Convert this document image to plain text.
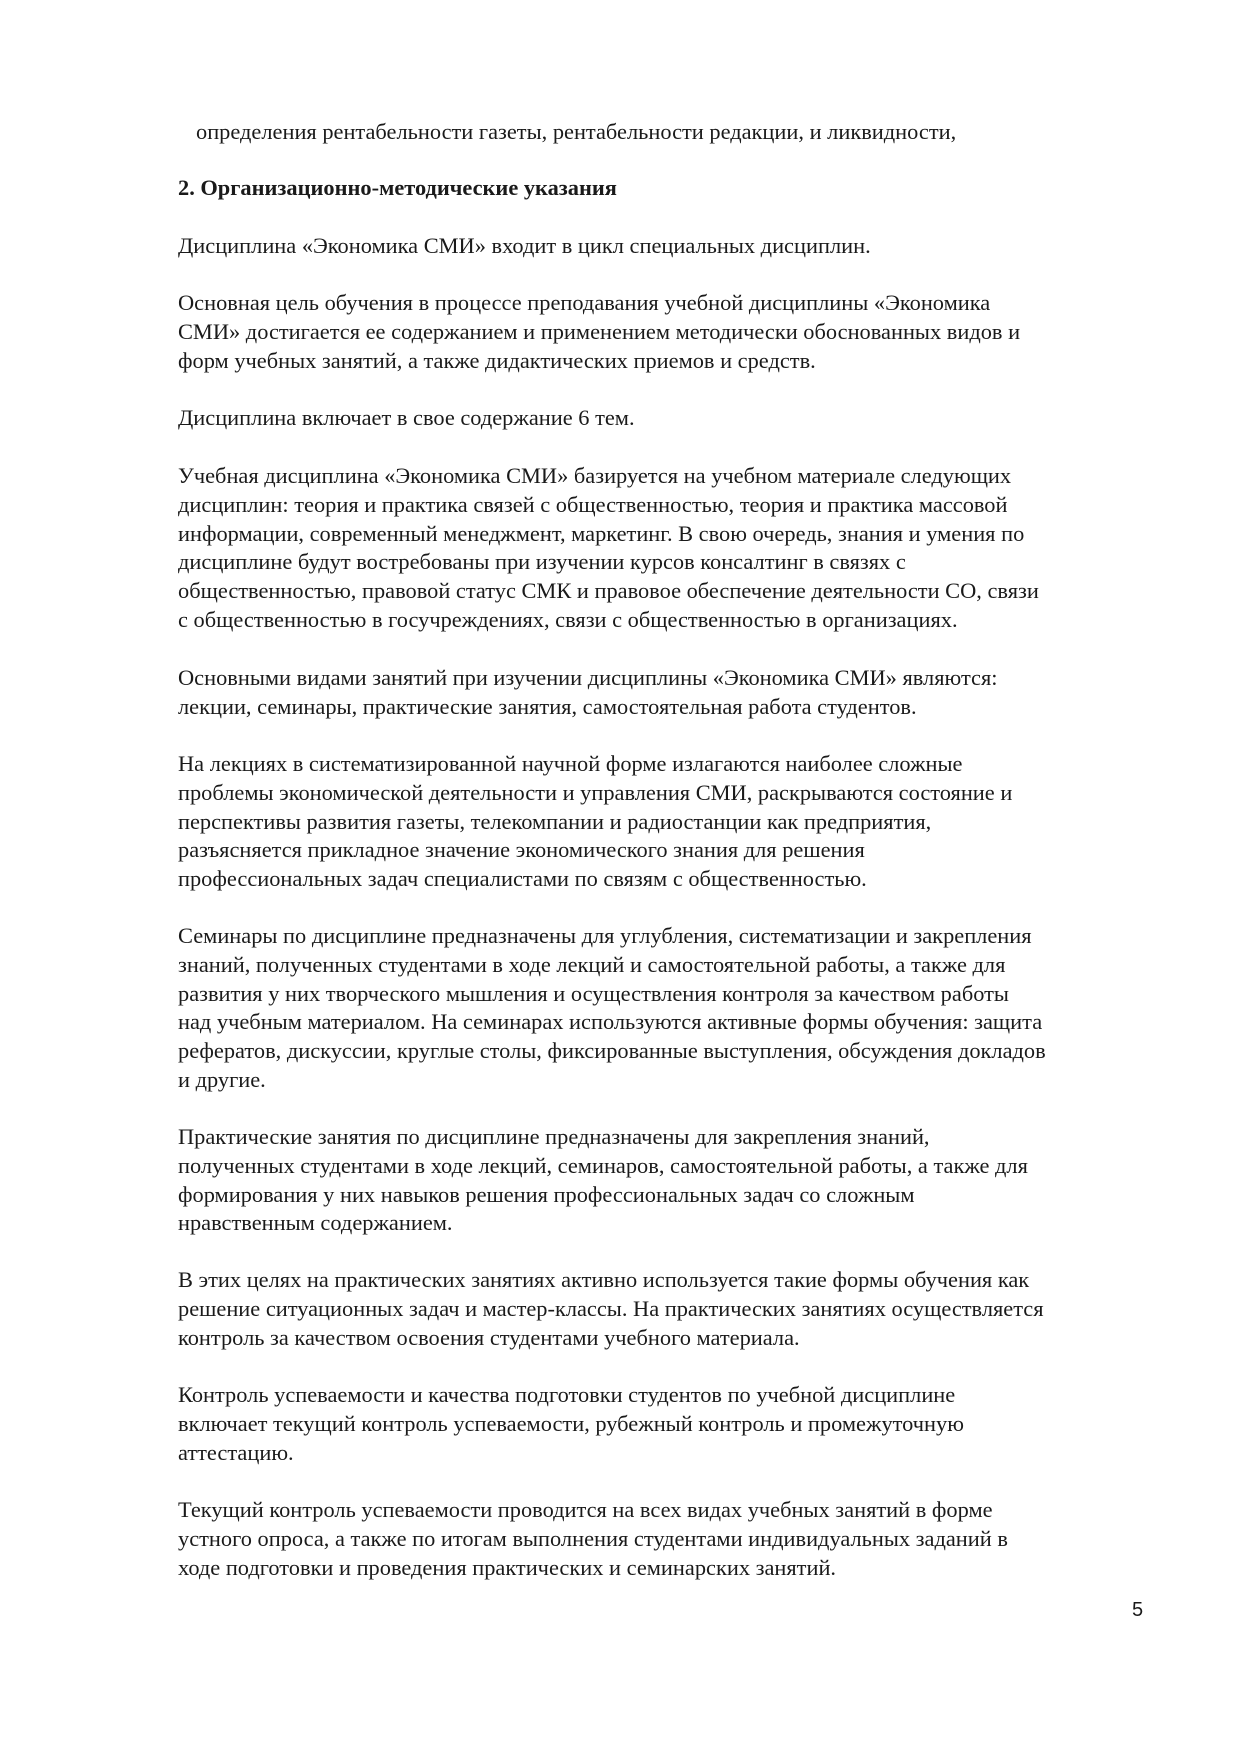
определения рентабельности газеты, рентабельности редакции, и ликвидности,

2. Организационно-методические указания

Дисциплина «Экономика СМИ» входит в цикл специальных дисциплин.

Основная цель обучения в процессе преподавания учебной дисциплины «Экономика
СМИ» достигается ее содержанием и применением методически обоснованных видов и
форм учебных занятий, а также дидактических приемов и средств.

Дисциплина включает в свое содержание 6 тем.

Учебная дисциплина «Экономика СМИ» базируется на учебном материале следующих
дисциплин: теория и практика связей с общественностью, теория и практика массовой
информации, современный менеджмент, маркетинг. В свою очередь, знания и умения по
дисциплине будут востребованы при изучении курсов консалтинг в связях с
общественностью, правовой статус СМК и правовое обеспечение деятельности СО, связи
с общественностью в госучреждениях, связи с общественностью в организациях.

Основными видами занятий при изучении дисциплины «Экономика СМИ» являются:
лекции, семинары, практические занятия, самостоятельная работа студентов.

На лекциях в систематизированной научной форме излагаются наиболее сложные
проблемы экономической деятельности и управления СМИ, раскрываются состояние и
перспективы развития газеты, телекомпании и радиостанции как предприятия,
разъясняется прикладное значение экономического знания для решения
профессиональных задач специалистами по связям с общественностью.

Семинары по дисциплине предназначены для углубления, систематизации и закрепления
знаний, полученных студентами в ходе лекций и самостоятельной работы, а также для
развития у них творческого мышления и осуществления контроля за качеством работы
над учебным материалом. На семинарах используются активные формы обучения: защита
рефератов, дискуссии, круглые столы, фиксированные выступления, обсуждения докладов
и другие.

Практические занятия по дисциплине предназначены для закрепления знаний,
полученных студентами в ходе лекций, семинаров, самостоятельной работы, а также для
формирования у них навыков решения профессиональных задач со сложным
нравственным содержанием.

В этих целях на практических занятиях активно используется такие формы обучения как
решение ситуационных задач и мастер-классы. На практических занятиях осуществляется
контроль за качеством освоения студентами учебного материала.

Контроль успеваемости и качества подготовки студентов по учебной дисциплине
включает текущий контроль успеваемости, рубежный контроль и промежуточную
аттестацию.

Текущий контроль успеваемости проводится на всех видах учебных занятий в форме
устного опроса, а также по итогам выполнения студентами индивидуальных заданий в
ходе подготовки и проведения практических и семинарских занятий.

5
